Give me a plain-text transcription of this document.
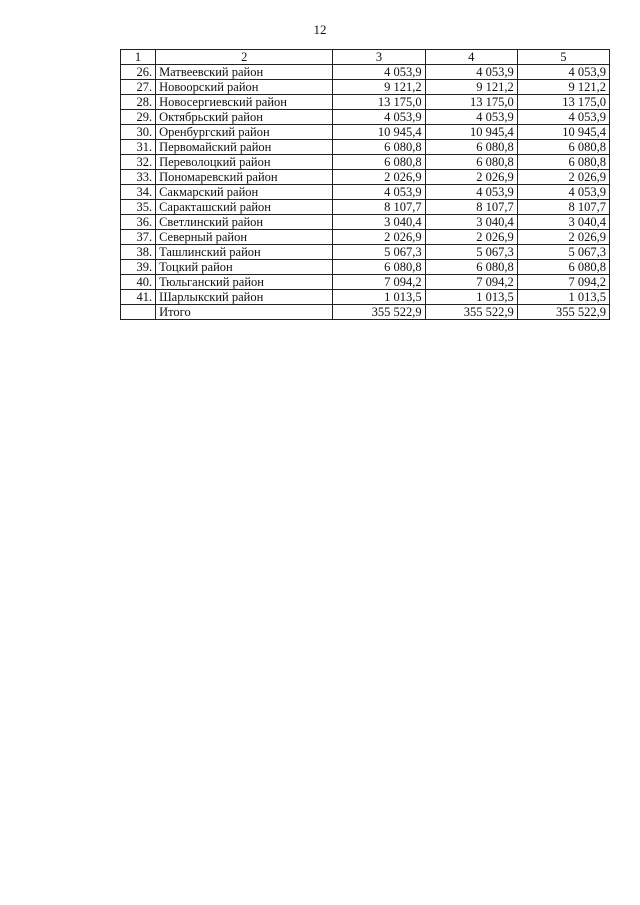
12
1	2	3	4	5
26.	Матвеевский район	4 053,9	4 053,9	4 053,9
27.	Новоорский район	9 121,2	9 121,2	9 121,2
28.	Новосергиевский район	13 175,0	13 175,0	13 175,0
29.	Октябрьский район	4 053,9	4 053,9	4 053,9
30.	Оренбургский район	10 945,4	10 945,4	10 945,4
31.	Первомайский район	6 080,8	6 080,8	6 080,8
32.	Переволоцкий район	6 080,8	6 080,8	6 080,8
33.	Пономаревский район	2 026,9	2 026,9	2 026,9
34.	Сакмарский район	4 053,9	4 053,9	4 053,9
35.	Саракташский район	8 107,7	8 107,7	8 107,7
36.	Светлинский район	3 040,4	3 040,4	3 040,4
37.	Северный район	2 026,9	2 026,9	2 026,9
38.	Ташлинский район	5 067,3	5 067,3	5 067,3
39.	Тоцкий район	6 080,8	6 080,8	6 080,8
40.	Тюльганский район	7 094,2	7 094,2	7 094,2
41.	Шарлыкский район	1 013,5	1 013,5	1 013,5
	Итого	355 522,9	355 522,9	355 522,9
